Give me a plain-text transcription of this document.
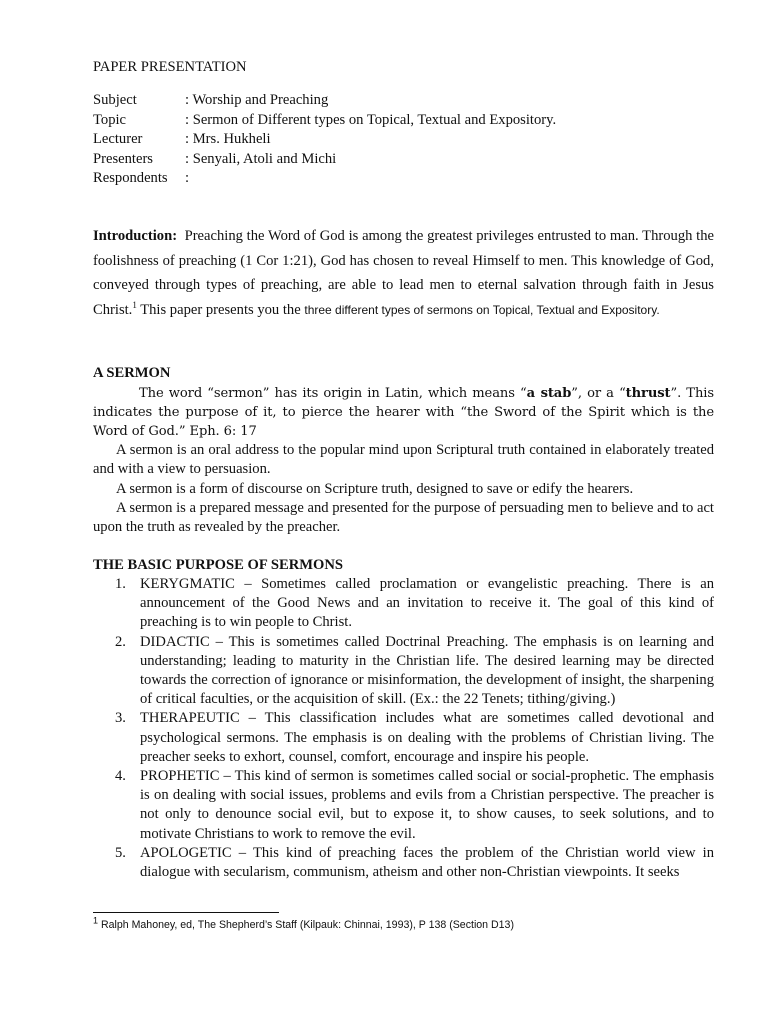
PAPER PRESENTATION
Subject	: Worship and Preaching
Topic	: Sermon of Different types on Topical, Textual and Expository.
Lecturer	: Mrs. Hukheli
Presenters	: Senyali, Atoli and Michi
Respondents	:

Introduction: Preaching the Word of God is among the greatest privileges entrusted to man. Through the foolishness of preaching (1 Cor 1:21), God has chosen to reveal Himself to men. This knowledge of God, conveyed through types of preaching, are able to lead men to eternal salvation through faith in Jesus Christ.$^1$ This paper presents you the three different types of sermons on Topical, Textual and Expository.

A SERMON

The word “sermon” has its origin in Latin, which means “a stab”, or a “thrust”. This indicates the purpose of it, to pierce the hearer with “the Sword of the Spirit which is the Word of God.” Eph. 6: 17

A sermon is an oral address to the popular mind upon Scriptural truth contained in elaborately treated and with a view to persuasion.

A sermon is a form of discourse on Scripture truth, designed to save or edify the hearers.

A sermon is a prepared message and presented for the purpose of persuading men to believe and to act upon the truth as revealed by the preacher.

THE BASIC PURPOSE OF SERMONS
1. KERYGMATIC – Sometimes called proclamation or evangelistic preaching. There is an announcement of the Good News and an invitation to receive it. The goal of this kind of preaching is to win people to Christ.
2. DIDACTIC – This is sometimes called Doctrinal Preaching. The emphasis is on learning and understanding; leading to maturity in the Christian life. The desired learning may be directed towards the correction of ignorance or misinformation, the development of insight, the sharpening of critical faculties, or the acquisition of skill. (Ex.: the 22 Tenets; tithing/giving.)
3. THERAPEUTIC – This classification includes what are sometimes called devotional and psychological sermons. The emphasis is on dealing with the problems of Christian living. The preacher seeks to exhort, counsel, comfort, encourage and inspire his people.
4. PROPHETIC – This kind of sermon is sometimes called social or social-prophetic. The emphasis is on dealing with social issues, problems and evils from a Christian perspective. The preacher is not only to denounce social evil, but to expose it, to show causes, to seek solutions, and to motivate Christians to work to remove the evil.
5. APOLOGETIC – This kind of preaching faces the problem of the Christian world view in dialogue with secularism, communism, atheism and other non-Christian viewpoints. It seeks
$^1$ Ralph Mahoney, ed, The Shepherd’s Staff (Kilpauk: Chinnai, 1993), P 138 (Section D13)
